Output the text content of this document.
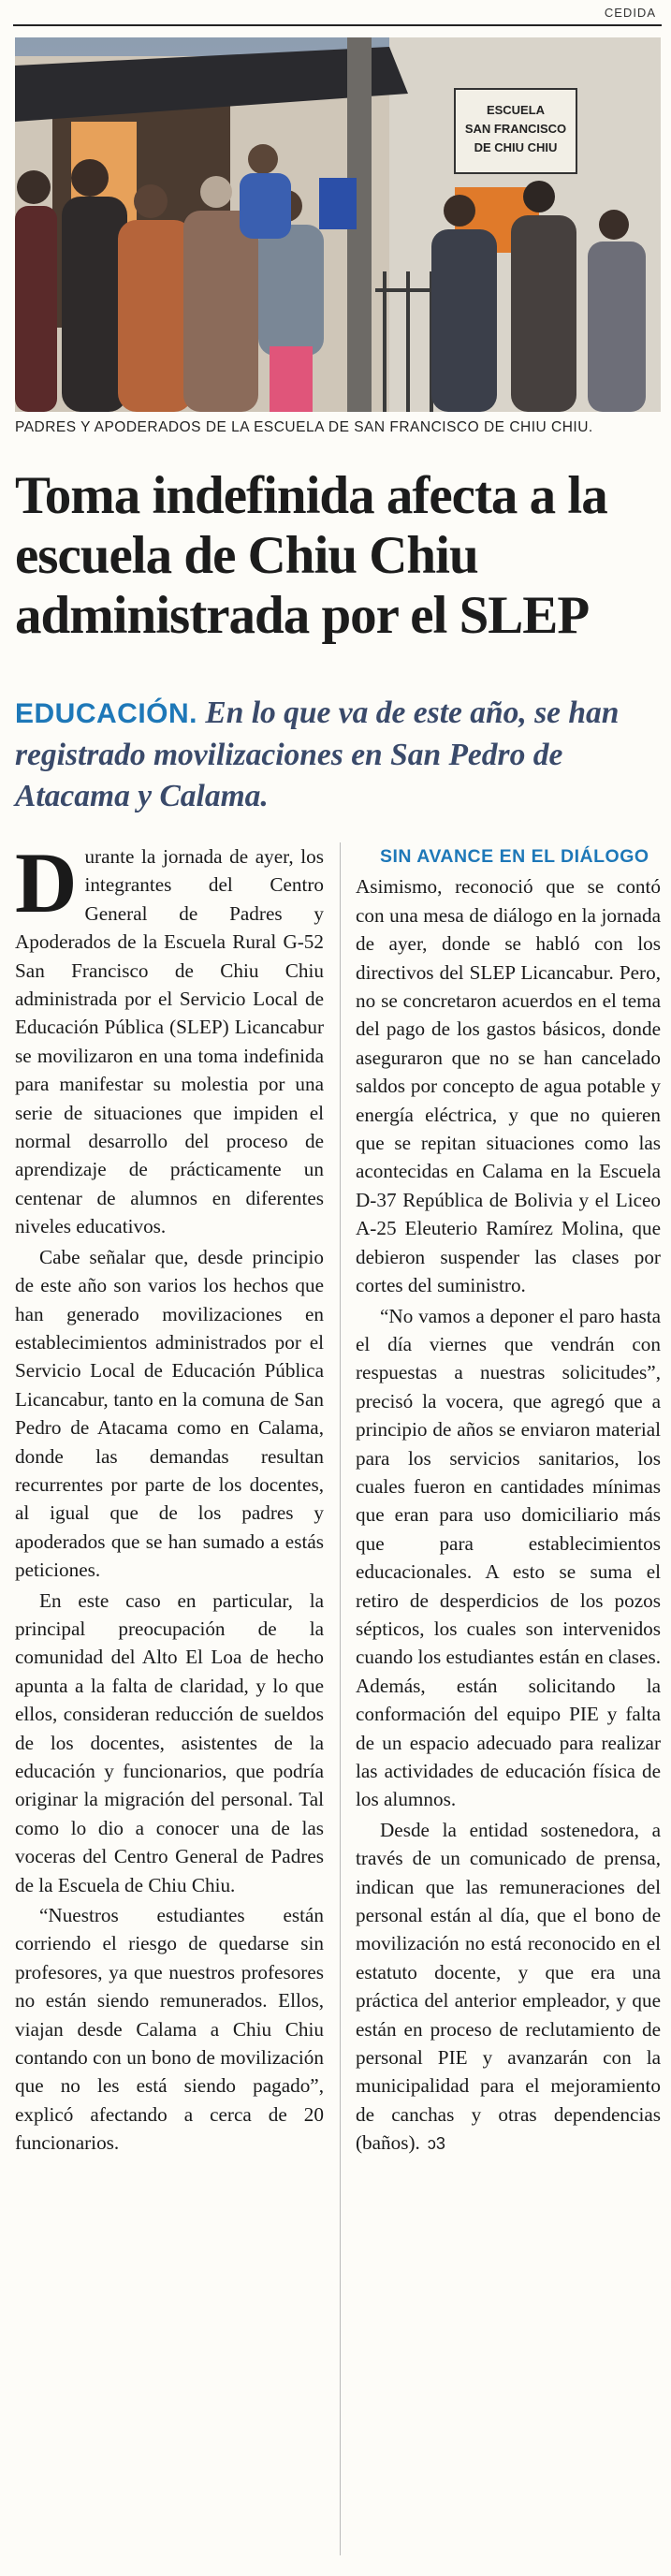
CEDIDA
ESCUELA
SAN FRANCISCO
DE CHIU CHIU
PADRES Y APODERADOS DE LA ESCUELA DE SAN FRANCISCO DE CHIU CHIU.
Toma indefinida afecta a la escuela de Chiu Chiu administrada por el SLEP
EDUCACIÓN. En lo que va de este año, se han registrado movilizaciones en San Pedro de Atacama y Calama.

Durante la jornada de ayer, los integrantes del Centro General de Padres y Apoderados de la Escuela Rural G-52 San Francisco de Chiu Chiu administrada por el Servicio Local de Educación Pública (SLEP) Licancabur se movilizaron en una toma indefinida para manifestar su molestia por una serie de situaciones que impiden el normal desarrollo del proceso de aprendizaje de prácticamente un centenar de alumnos en diferentes niveles educativos.

Cabe señalar que, desde principio de este año son varios los hechos que han generado movilizaciones en establecimientos administrados por el Servicio Local de Educación Pública Licancabur, tanto en la comuna de San Pedro de Atacama como en Calama, donde las demandas resultan recurrentes por parte de los docentes, al igual que de los padres y apoderados que se han sumado a estás peticiones.

En este caso en particular, la principal preocupación de la comunidad del Alto El Loa de hecho apunta a la falta de claridad, y lo que ellos, consideran reducción de sueldos de los docentes, asistentes de la educación y funcionarios, que podría originar la migración del personal. Tal como lo dio a conocer una de las voceras del Centro General de Padres de la Escuela de Chiu Chiu.

“Nuestros estudiantes están corriendo el riesgo de quedarse sin profesores, ya que nuestros profesores no están siendo remunerados. Ellos, viajan desde Calama a Chiu Chiu contando con un bono de movilización que no les está siendo pagado”, explicó afectando a cerca de 20 funcionarios.

SIN AVANCE EN EL DIÁLOGO

Asimismo, reconoció que se contó con una mesa de diálogo en la jornada de ayer, donde se habló con los directivos del SLEP Licancabur. Pero, no se concretaron acuerdos en el tema del pago de los gastos básicos, donde aseguraron que no se han cancelado saldos por concepto de agua potable y energía eléctrica, y que no quieren que se repitan situaciones como las acontecidas en Calama en la Escuela D-37 República de Bolivia y el Liceo A-25 Eleuterio Ramírez Molina, que debieron suspender las clases por cortes del suministro.

“No vamos a deponer el paro hasta el día viernes que vendrán con respuestas a nuestras solicitudes”, precisó la vocera, que agregó que a principio de años se enviaron material para los servicios sanitarios, los cuales fueron en cantidades mínimas que eran para uso domiciliario más que para establecimientos educacionales. A esto se suma el retiro de desperdicios de los pozos sépticos, los cuales son intervenidos cuando los estudiantes están en clases. Además, están solicitando la conformación del equipo PIE y falta de un espacio adecuado para realizar las actividades de educación física de los alumnos.

Desde la entidad sostenedora, a través de un comunicado de prensa, indican que las remuneraciones del personal están al día, que el bono de movilización no está reconocido en el estatuto docente, y que era una práctica del anterior empleador, y que están en proceso de reclutamiento de personal PIE y avanzarán con la municipalidad para el mejoramiento de canchas y otras dependencias (baños). ↄ3
